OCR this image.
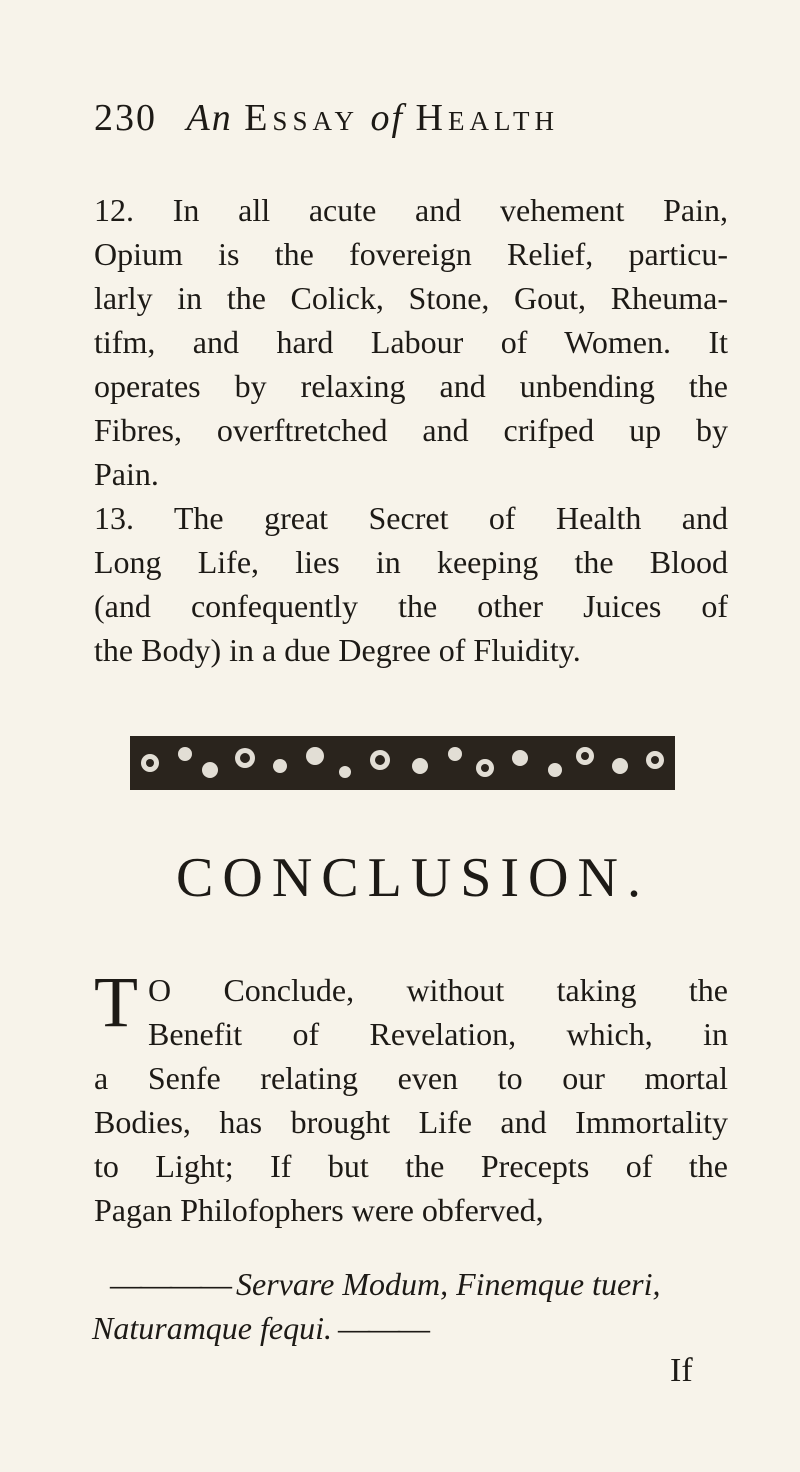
230 An Essay of Health
12. In all acute and vehement Pain,
Opium is the fovereign Relief, particu-
larly in the Colick, Stone, Gout, Rheuma-
tifm, and hard Labour of Women. It
operates by relaxing and unbending the
Fibres, overftretched and crifped up by
Pain.
13. The great Secret of Health and
Long Life, lies in keeping the Blood
(and confequently the other Juices of
the Body) in a due Degree of Fluidity.
CONCLUSION.
T O Conclude, without taking the
Benefit of Revelation, which, in
a Senfe relating even to our mortal
Bodies, has brought Life and Immortality
to Light; If but the Precepts of the
Pagan Philofophers were obferved,
———— Servare Modum, Finemque tueri,
Naturamque fequi. ———
If
